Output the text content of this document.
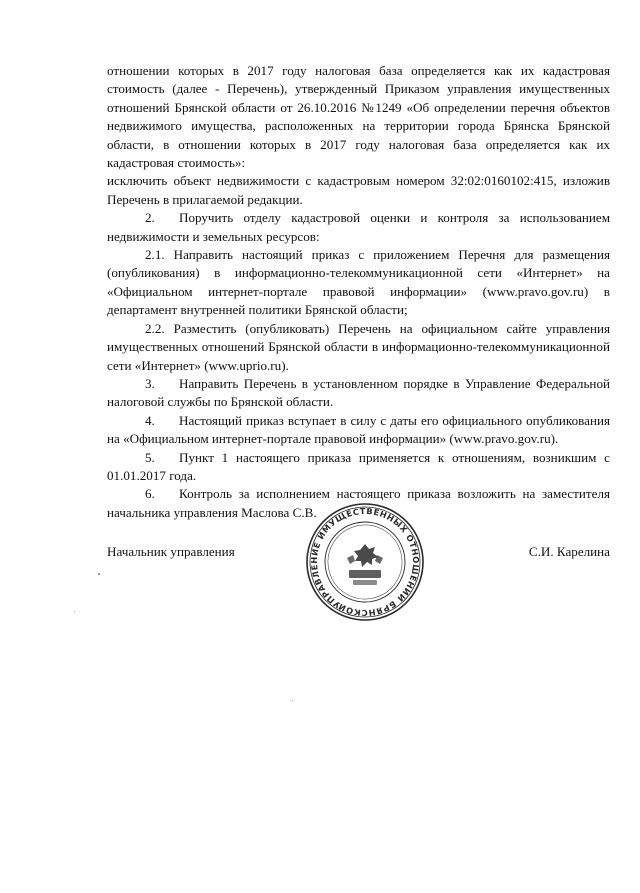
отношении которых в 2017 году налоговая база определяется как их кадастровая стоимость (далее - Перечень), утвержденный Приказом управления имущественных отношений Брянской области от 26.10.2016 №1249 «Об определении перечня объектов недвижимого имущества, расположенных на территории города Брянска Брянской области, в отношении которых в 2017 году налоговая база определяется как их кадастровая стоимость»:

исключить объект недвижимости с кадастровым номером 32:02:0160102:415, изложив Перечень в прилагаемой редакции.

2. Поручить отделу кадастровой оценки и контроля за использованием недвижимости и земельных ресурсов:

2.1. Направить настоящий приказ с приложением Перечня для размещения (опубликования) в информационно-телекоммуникационной сети «Интернет» на «Официальном интернет-портале правовой информации» (www.pravo.gov.ru) в департамент внутренней политики Брянской области;

2.2. Разместить (опубликовать) Перечень на официальном сайте управления имущественных отношений Брянской области в информационно-телекоммуникационной сети «Интернет» (www.uprio.ru).

3. Направить Перечень в установленном порядке в Управление Федеральной налоговой службы по Брянской области.

4. Настоящий приказ вступает в силу с даты его официального опубликования на «Официальном интернет-портале правовой информации» (www.pravo.gov.ru).

5. Пункт 1 настоящего приказа применяется к отношениям, возникшим с 01.01.2017 года.

6. Контроль за исполнением настоящего приказа возложить на заместителя начальника управления Маслова С.В.

Начальник управления	С.И. Карелина
УПРАВЛЕНИЕ ИМУЩЕСТВЕННЫХ ОТНОШЕНИЙ БРЯНСКОЙ
